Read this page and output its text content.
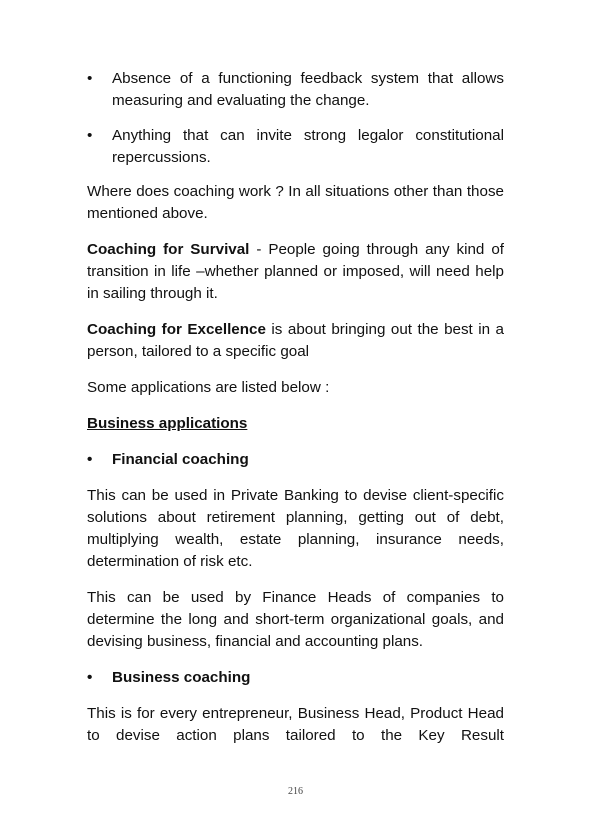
•	Absence of a functioning feedback system that allows measuring and evaluating the change.
•	Anything that can invite strong legalor constitutional repercussions.
Where does coaching work ? In all situations other than those mentioned above.
Coaching for Survival - People going through any kind of transition in life –whether planned or imposed, will need help in sailing through it.
Coaching for Excellence is about bringing out the best in a person, tailored to a specific goal
Some applications are listed below :
Business applications
•	Financial coaching
This can be used in Private Banking to devise client-specific solutions about retirement planning, getting out of debt, multiplying wealth, estate planning, insurance needs, determination of risk etc.
This can be used by Finance Heads of companies to determine the long and short-term organizational goals, and devising business, financial and accounting plans.
•	Business coaching
This is for every entrepreneur, Business Head, Product Head to devise action plans tailored to the Key Result
216
